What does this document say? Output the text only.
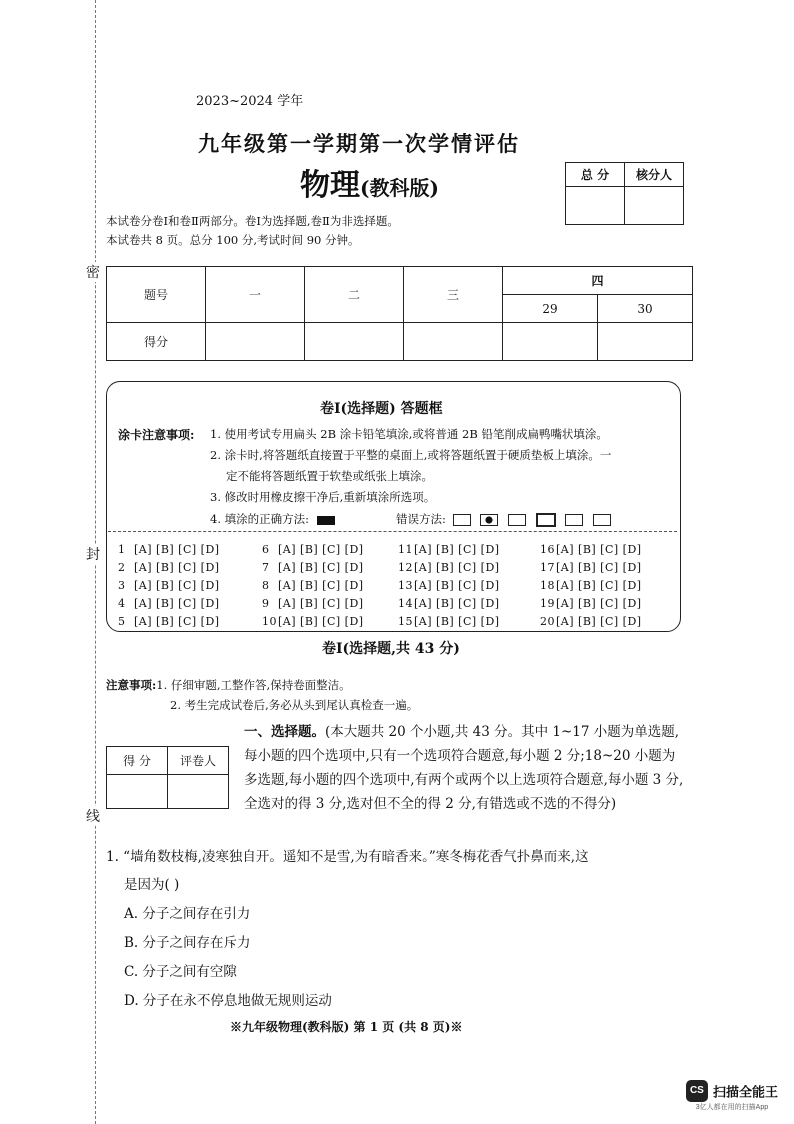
密
封
线
2023~2024 学年
九年级第一学期第一次学情评估
物理(教科版)
总 分	核分人

本试卷分卷Ⅰ和卷Ⅱ两部分。卷Ⅰ为选择题,卷Ⅱ为非选择题。
本试卷共 8 页。总分 100 分,考试时间 90 分钟。
题号	一	二	三	四	
				29	30
得分					
卷Ⅰ(选择题) 答题框
涂卡注意事项: 1. 使用考试专用扁头 2B 涂卡铅笔填涂,或将普通 2B 铅笔削成扁鸭嘴状填涂。
2. 涂卡时,将答题纸直接置于平整的桌面上,或将答题纸置于硬质垫板上填涂。一
定不能将答题纸置于软垫或纸张上填涂。
3. 修改时用橡皮擦干净后,重新填涂所选项。
4. 填涂的正确方法:	错误方法:
1 [A] [B] [C] [D]	6 [A] [B] [C] [D]	11[A] [B] [C] [D]	16[A] [B] [C] [D]
2 [A] [B] [C] [D]	7 [A] [B] [C] [D]	12[A] [B] [C] [D]	17[A] [B] [C] [D]
3 [A] [B] [C] [D]	8 [A] [B] [C] [D]	13[A] [B] [C] [D]	18[A] [B] [C] [D]
4 [A] [B] [C] [D]	9 [A] [B] [C] [D]	14[A] [B] [C] [D]	19[A] [B] [C] [D]
5 [A] [B] [C] [D]	10[A] [B] [C] [D]	15[A] [B] [C] [D]	20[A] [B] [C] [D]
卷Ⅰ(选择题,共 43 分)
注意事项:1. 仔细审题,工整作答,保持卷面整洁。
2. 考生完成试卷后,务必从头到尾认真检查一遍。
得 分	评卷人

一、选择题。(本大题共 20 个小题,共 43 分。其中 1~17 小题为单选题,每小题的四个选项中,只有一个选项符合题意,每小题 2 分;18~20 小题为多选题,每小题的四个选项中,有两个或两个以上选项符合题意,每小题 3 分,全选对的得 3 分,选对但不全的得 2 分,有错选或不选的不得分)
1. “墙角数枝梅,凌寒独自开。遥知不是雪,为有暗香来。”寒冬梅花香气扑鼻而来,这
是因为( )
A. 分子之间存在引力
B. 分子之间存在斥力
C. 分子之间有空隙
D. 分子在永不停息地做无规则运动
※九年级物理(教科版) 第 1 页 (共 8 页)※
CS 扫描全能王
3亿人都在用的扫描App
